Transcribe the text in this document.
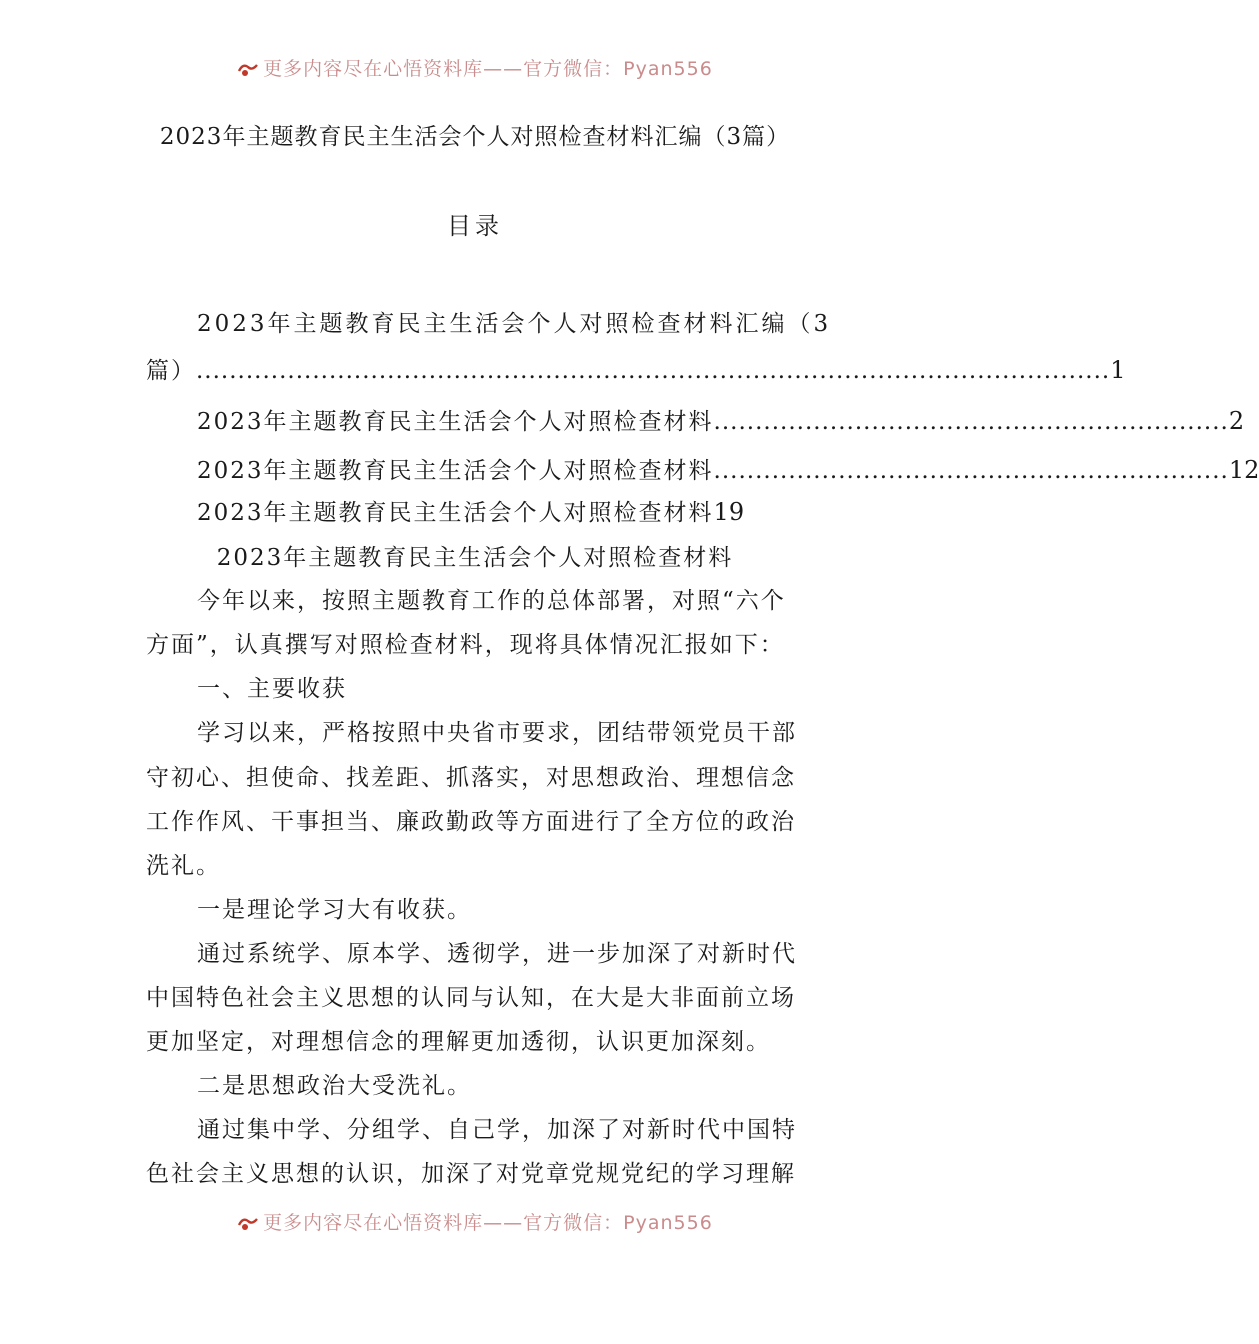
更多内容尽在心悟资料库——官方微信：Pyan556
2023年主题教育民主生活会个人对照检查材料汇编（3篇）
目录
2023年主题教育民主生活会个人对照检查材料汇编（3
篇） .............................................................................................................. 1
2023年主题教育民主生活会个人对照检查材料 .............................................................. 2
2023年主题教育民主生活会个人对照检查材料 .............................................................. 12
2023年主题教育民主生活会个人对照检查材料19
2023年主题教育民主生活会个人对照检查材料
今年以来，按照主题教育工作的总体部署，对照“六个
方面”，认真撰写对照检查材料，现将具体情况汇报如下：
一、主要收获
学习以来，严格按照中央省市要求，团结带领党员干部
守初心、担使命、找差距、抓落实，对思想政治、理想信念
工作作风、干事担当、廉政勤政等方面进行了全方位的政治
洗礼。
一是理论学习大有收获。
通过系统学、原本学、透彻学，进一步加深了对新时代
中国特色社会主义思想的认同与认知，在大是大非面前立场
更加坚定，对理想信念的理解更加透彻，认识更加深刻。
二是思想政治大受洗礼。
通过集中学、分组学、自己学，加深了对新时代中国特
色社会主义思想的认识，加深了对党章党规党纪的学习理解
更多内容尽在心悟资料库——官方微信：Pyan556
